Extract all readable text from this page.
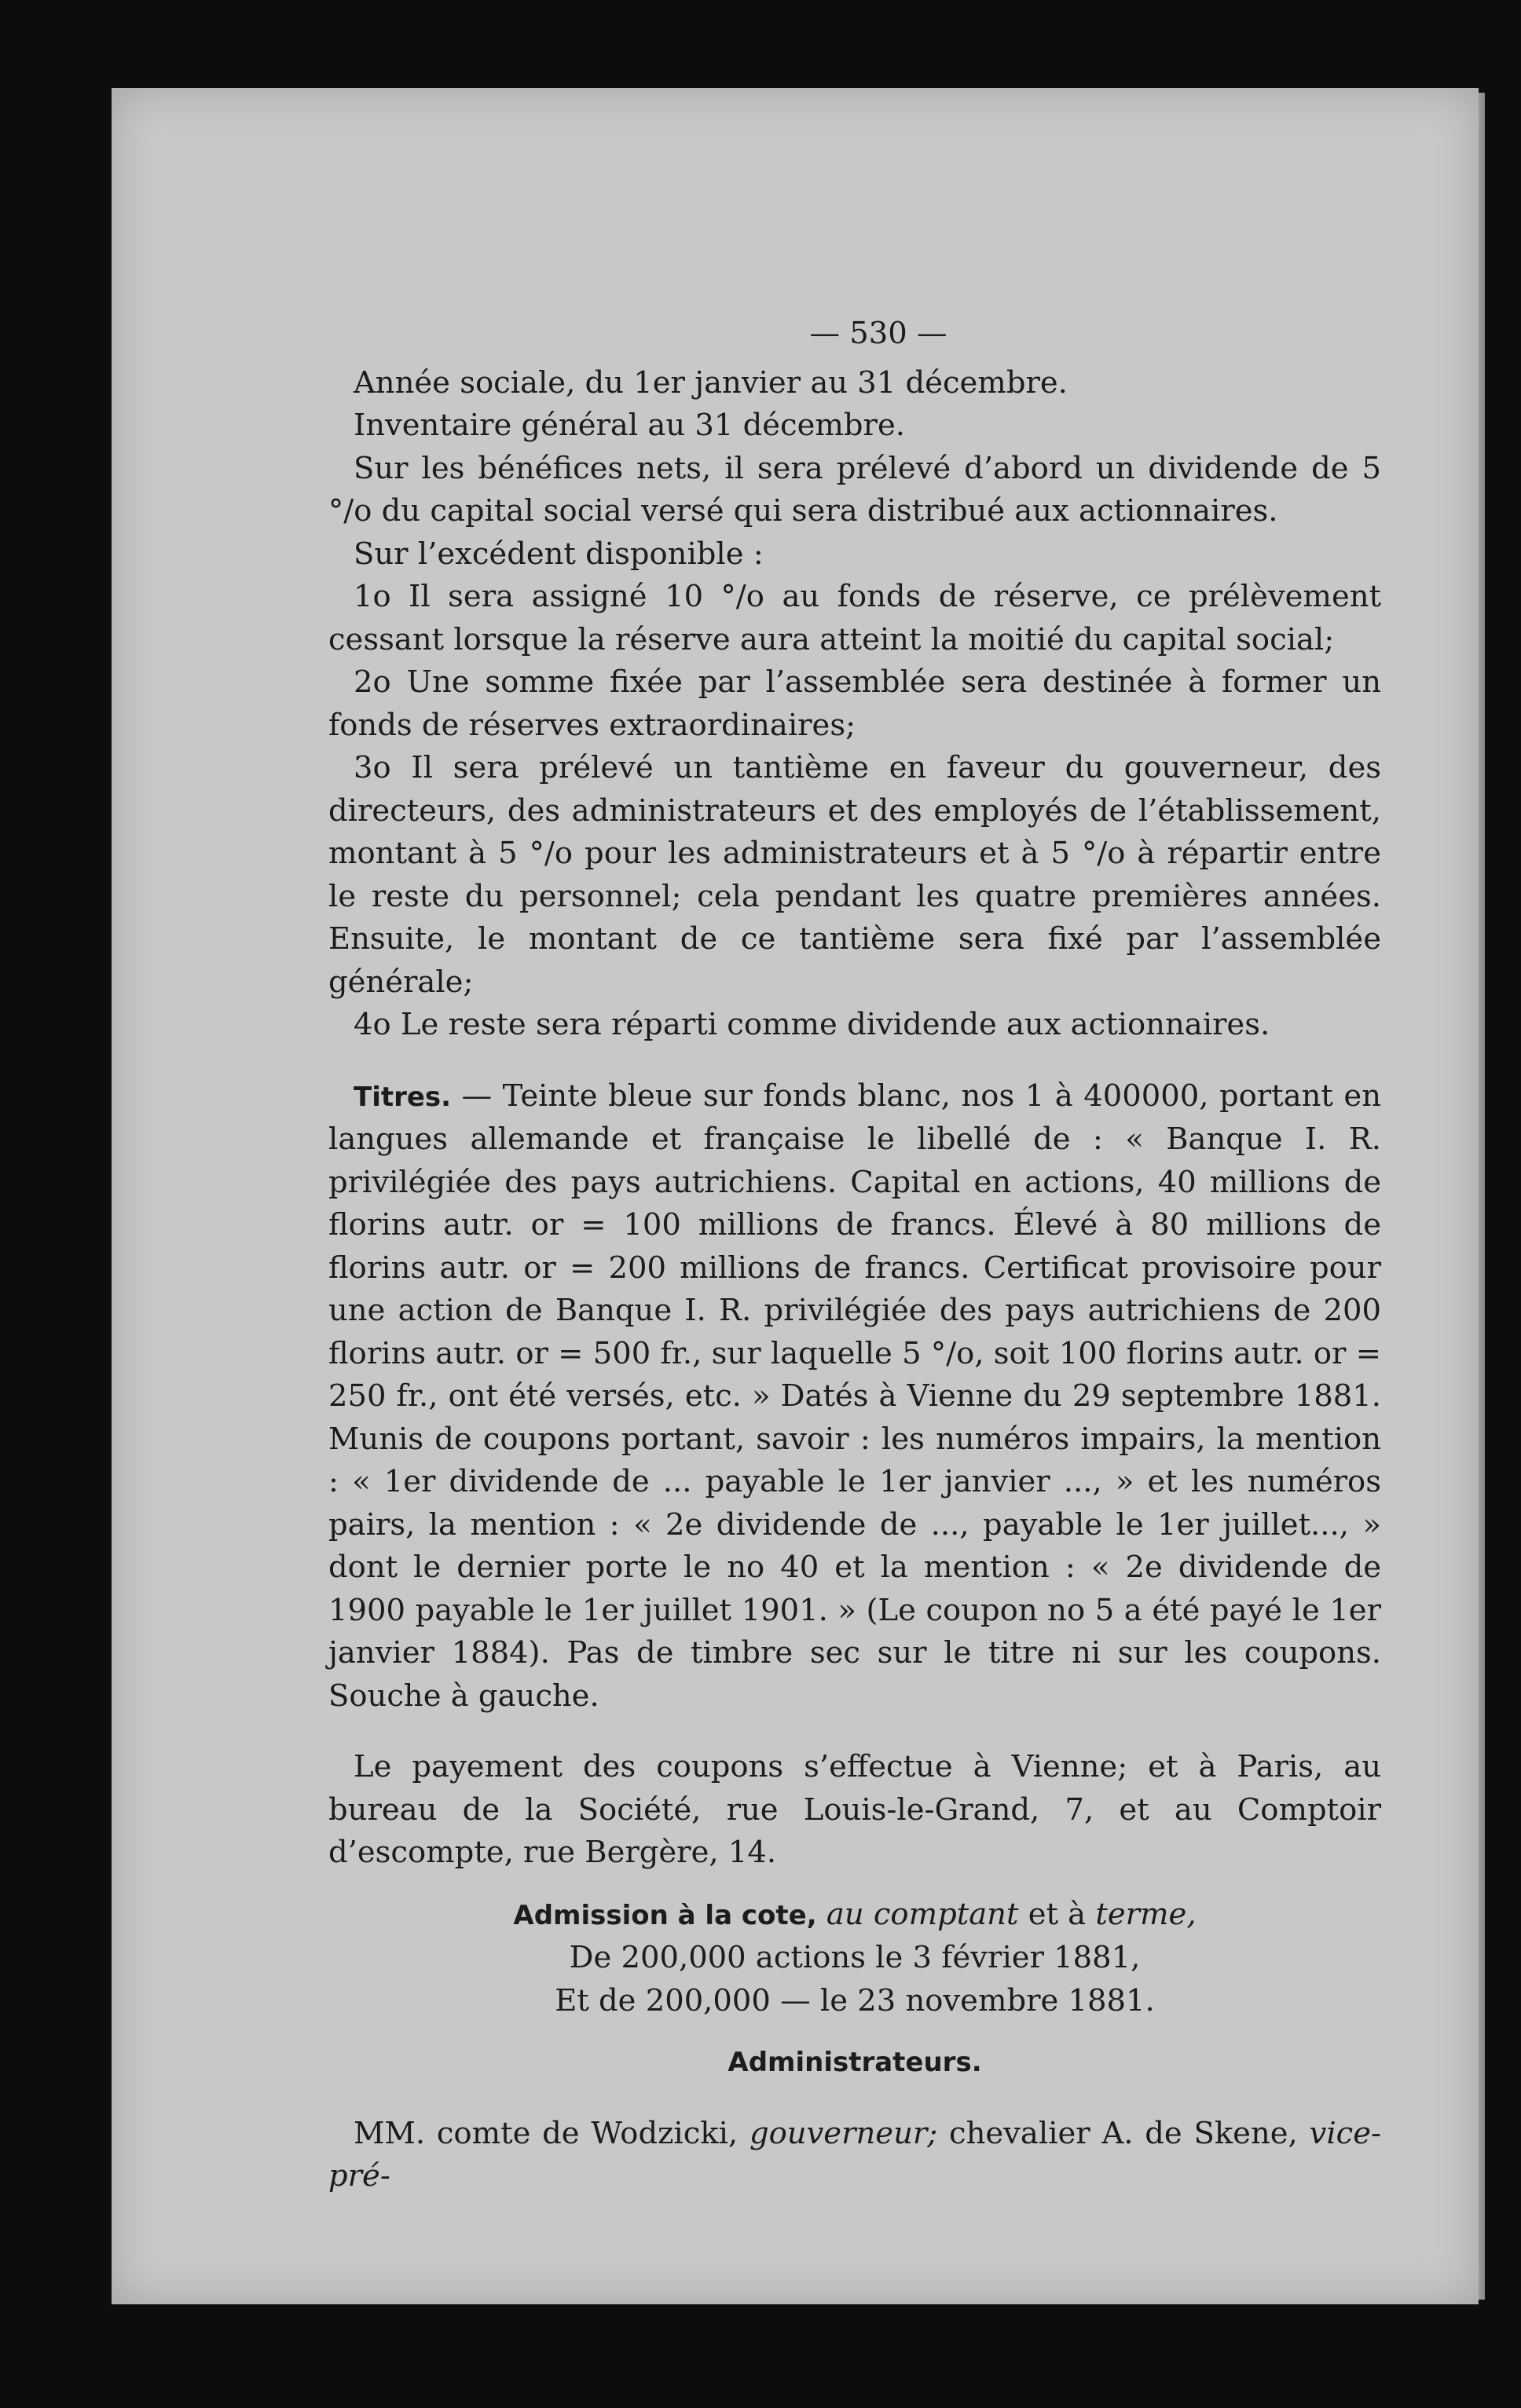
— 530 —

Année sociale, du 1er janvier au 31 décembre.

Inventaire général au 31 décembre.

Sur les bénéfices nets, il sera prélevé d’abord un dividende de 5 °/o du capital social versé qui sera distribué aux actionnaires.

Sur l’excédent disponible :

1o Il sera assigné 10 °/o au fonds de réserve, ce prélèvement cessant lorsque la réserve aura atteint la moitié du capital social;

2o Une somme fixée par l’assemblée sera destinée à former un fonds de réserves extraordinaires;

3o Il sera prélevé un tantième en faveur du gouverneur, des directeurs, des administrateurs et des employés de l’établissement, montant à 5 °/o pour les administrateurs et à 5 °/o à répartir entre le reste du personnel; cela pendant les quatre premières années. Ensuite, le montant de ce tantième sera fixé par l’assemblée générale;

4o Le reste sera réparti comme dividende aux actionnaires.

Titres. — Teinte bleue sur fonds blanc, nos 1 à 400000, portant en langues allemande et française le libellé de : « Banque I. R. privilégiée des pays autrichiens. Capital en actions, 40 millions de florins autr. or = 100 millions de francs. Élevé à 80 millions de florins autr. or = 200 millions de francs. Certificat provisoire pour une action de Banque I. R. privilégiée des pays autrichiens de 200 florins autr. or = 500 fr., sur laquelle 5 °/o, soit 100 florins autr. or = 250 fr., ont été versés, etc. » Datés à Vienne du 29 septembre 1881. Munis de coupons portant, savoir : les numéros impairs, la mention : « 1er dividende de ... payable le 1er janvier ..., » et les numéros pairs, la mention : « 2e dividende de ..., payable le 1er juillet..., » dont le dernier porte le no 40 et la mention : « 2e dividende de 1900 payable le 1er juillet 1901. » (Le coupon no 5 a été payé le 1er janvier 1884). Pas de timbre sec sur le titre ni sur les coupons. Souche à gauche.

Le payement des coupons s’effectue à Vienne; et à Paris, au bureau de la Société, rue Louis-le-Grand, 7, et au Comptoir d’escompte, rue Bergère, 14.

Admission à la cote, au comptant et à terme,
De 200,000 actions le 3 février 1881,
Et de 200,000 — le 23 novembre 1881.
Administrateurs.

MM. comte de Wodzicki, gouverneur; chevalier A. de Skene, vice-pré-
